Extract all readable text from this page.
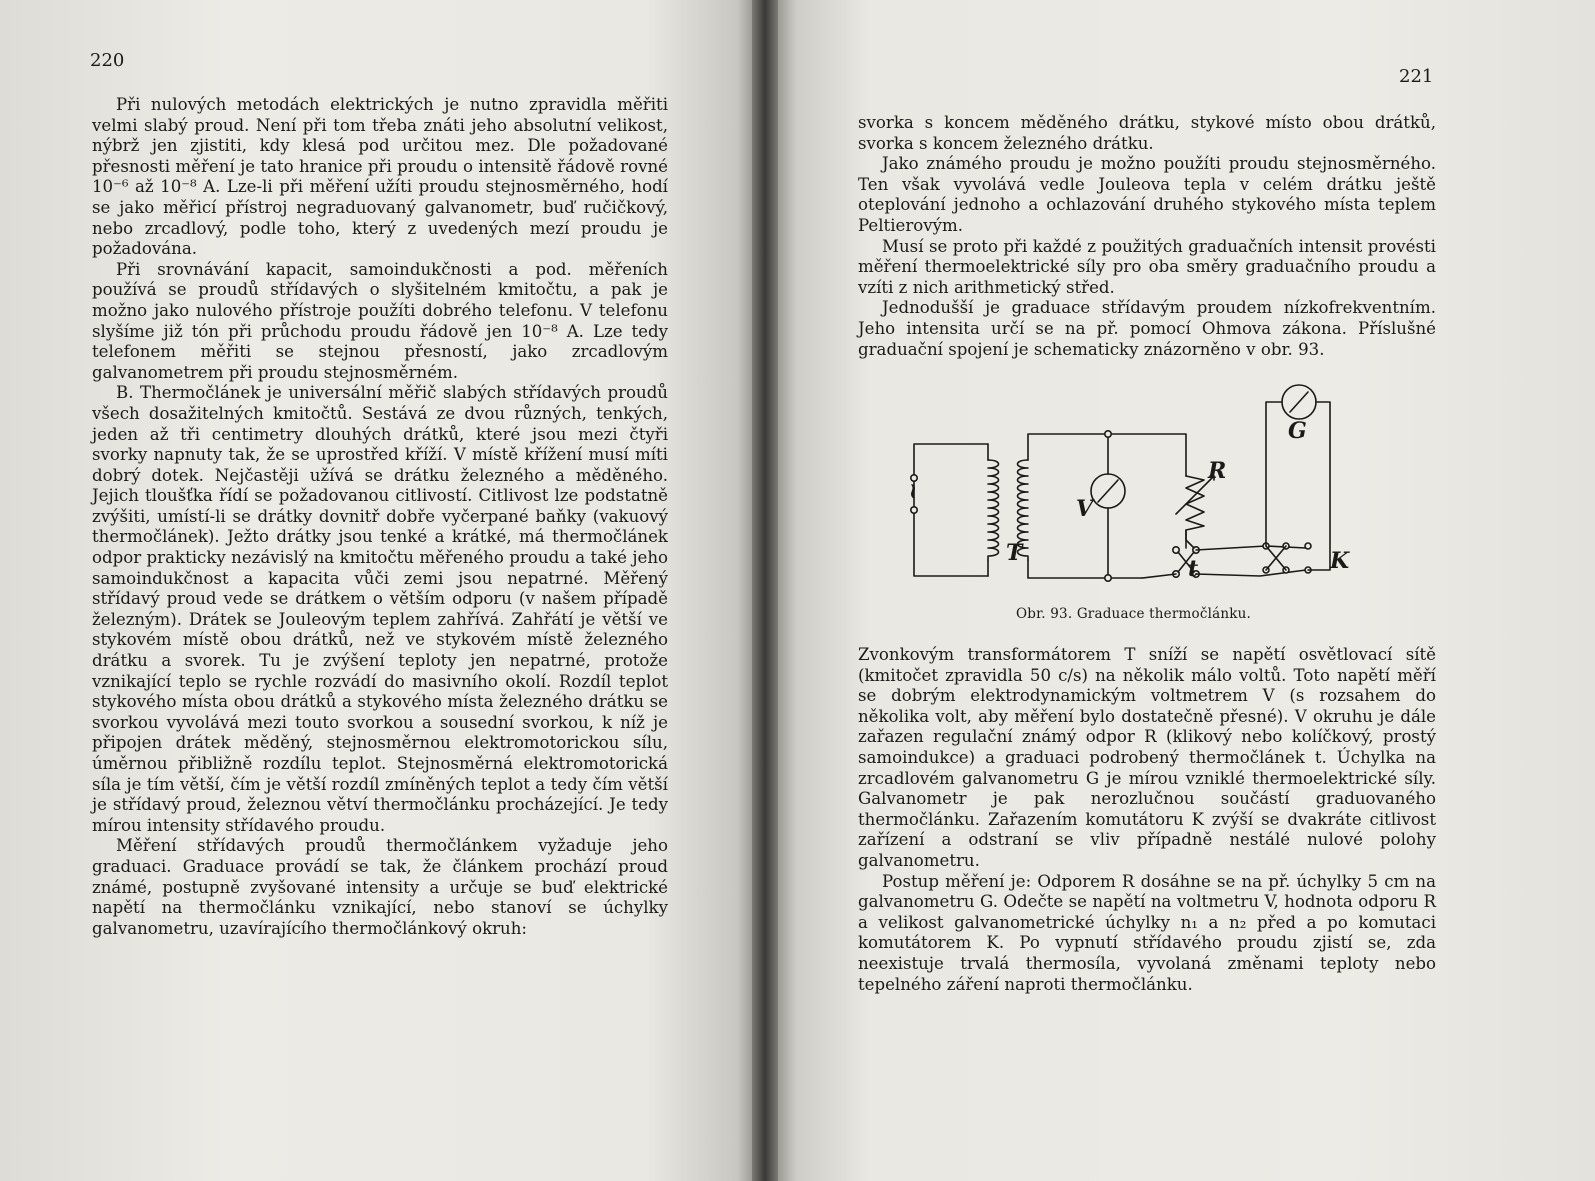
220
221

Při nulových metodách elektrických je nutno zpravidla měřiti velmi slabý proud. Není při tom třeba znáti jeho absolutní velikost, nýbrž jen zjistiti, kdy klesá pod určitou mez. Dle požadované přesnosti měření je tato hranice při proudu o intensitě řádově rovné 10⁻⁶ až 10⁻⁸ A. Lze-li při měření užíti proudu stejnosměrného, hodí se jako měřicí přístroj negraduovaný galvanometr, buď ručičkový, nebo zrcadlový, podle toho, který z uvedených mezí proudu je požadována.

Při srovnávání kapacit, samoindukčnosti a pod. měřeních používá se proudů střídavých o slyšitelném kmitočtu, a pak je možno jako nulového přístroje použíti dobrého telefonu. V telefonu slyšíme již tón při průchodu proudu řádově jen 10⁻⁸ A. Lze tedy telefonem měřiti se stejnou přesností, jako zrcadlovým galvanometrem při proudu stejnosměrném.

B. Thermočlánek je universální měřič slabých střídavých proudů všech dosažitelných kmitočtů. Sestává ze dvou různých, tenkých, jeden až tři centimetry dlouhých drátků, které jsou mezi čtyři svorky napnuty tak, že se uprostřed kříží. V místě křížení musí míti dobrý dotek. Nejčastěji užívá se drátku železného a měděného. Jejich tloušťka řídí se požadovanou citlivostí. Citlivost lze podstatně zvýšiti, umístí-li se drátky dovnitř dobře vyčerpané baňky (vakuový thermočlánek). Ježto drátky jsou tenké a krátké, má thermočlánek odpor prakticky nezávislý na kmitočtu měřeného proudu a také jeho samoindukčnost a kapacita vůči zemi jsou nepatrné. Měřený střídavý proud vede se drátkem o větším odporu (v našem případě železným). Drátek se Jouleovým teplem zahřívá. Zahřátí je větší ve stykovém místě obou drátků, než ve stykovém místě železného drátku a svorek. Tu je zvýšení teploty jen nepatrné, protože vznikající teplo se rychle rozvádí do masivního okolí. Rozdíl teplot stykového místa obou drátků a stykového místa železného drátku se svorkou vyvolává mezi touto svorkou a sousední svorkou, k níž je připojen drátek měděný, stejnosměrnou elektromotorickou sílu, úměrnou přibližně rozdílu teplot. Stejnosměrná elektromotorická síla je tím větší, čím je větší rozdíl zmíněných teplot a tedy čím větší je střídavý proud, železnou větví thermočlánku procházející. Je tedy mírou intensity střídavého proudu.

Měření střídavých proudů thermočlánkem vyžaduje jeho graduaci. Graduace provádí se tak, že článkem prochází proud známé, postupně zvyšované intensity a určuje se buď elektrické napětí na thermočlánku vznikající, nebo stanoví se úchylky galvanometru, uzavírajícího thermočlánkový okruh:

svorka s koncem měděného drátku, stykové místo obou drátků, svorka s koncem železného drátku.

Jako známého proudu je možno použíti proudu stejnosměrného. Ten však vyvolává vedle Jouleova tepla v celém drátku ještě oteplování jednoho a ochlazování druhého stykového místa teplem Peltierovým.

Musí se proto při každé z použitých graduačních intensit provésti měření thermoelektrické síly pro oba směry graduačního proudu a vzíti z nich arithmetický střed.

Jednodušší je graduace střídavým proudem nízkofrekventním. Jeho intensita určí se na př. pomocí Ohmova zákona. Příslušné graduační spojení je schematicky znázorněno v obr. 93.

~
T
V
R
G
t	K
Obr. 93. Graduace thermočlánku.

Zvonkovým transformátorem T sníží se napětí osvětlovací sítě (kmitočet zpravidla 50 c/s) na několik málo voltů. Toto napětí měří se dobrým elektrodynamickým voltmetrem V (s rozsahem do několika volt, aby měření bylo dostatečně přesné). V okruhu je dále zařazen regulační známý odpor R (klikový nebo kolíčkový, prostý samoindukce) a graduaci podrobený thermočlánek t. Úchylka na zrcadlovém galvanometru G je mírou vzniklé thermoelektrické síly. Galvanometr je pak nerozlučnou součástí graduovaného thermočlánku. Zařazením komutátoru K zvýší se dvakráte citlivost zařízení a odstraní se vliv případně nestálé nulové polohy galvanometru.

Postup měření je: Odporem R dosáhne se na př. úchylky 5 cm na galvanometru G. Odečte se napětí na voltmetru V, hodnota odporu R a velikost galvanometrické úchylky n₁ a n₂ před a po komutaci komutátorem K. Po vypnutí střídavého proudu zjistí se, zda neexistuje trvalá thermosíla, vyvolaná změnami teploty nebo tepelného záření naproti thermočlánku.
